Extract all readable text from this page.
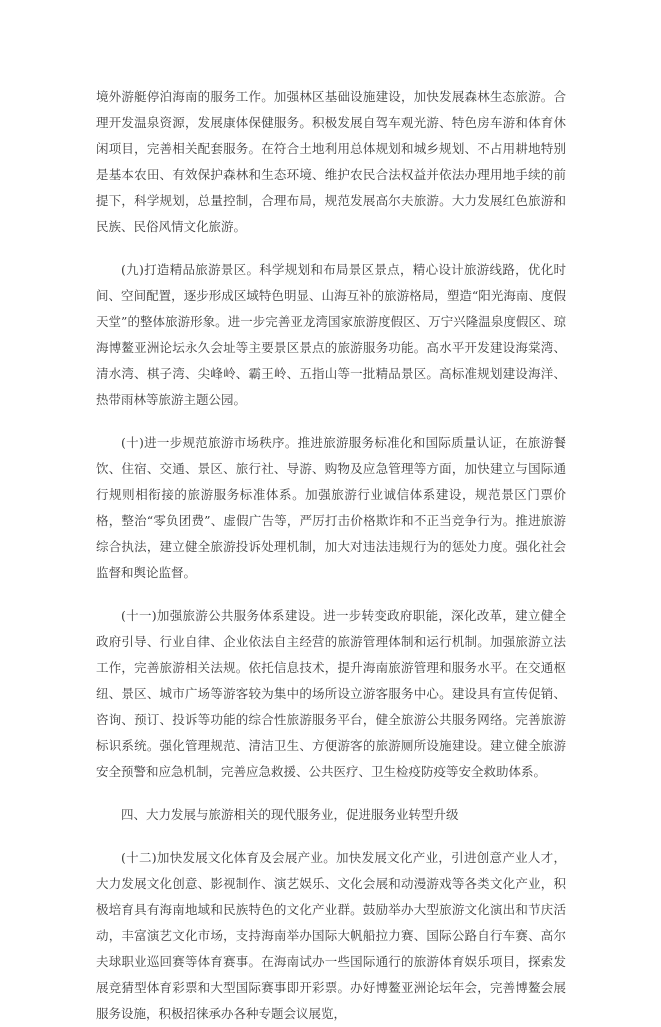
境外游艇停泊海南的服务工作。加强林区基础设施建设，加快发展森林生态旅游。合理开发温泉资源，发展康体保健服务。积极发展自驾车观光游、特色房车游和体育休闲项目，完善相关配套服务。在符合土地利用总体规划和城乡规划、不占用耕地特别是基本农田、有效保护森林和生态环境、维护农民合法权益并依法办理用地手续的前提下，科学规划，总量控制，合理布局，规范发展高尔夫旅游。大力发展红色旅游和民族、民俗风情文化旅游。

(九)打造精品旅游景区。科学规划和布局景区景点，精心设计旅游线路，优化时间、空间配置，逐步形成区域特色明显、山海互补的旅游格局，塑造“阳光海南、度假天堂”的整体旅游形象。进一步完善亚龙湾国家旅游度假区、万宁兴隆温泉度假区、琼海博鳌亚洲论坛永久会址等主要景区景点的旅游服务功能。高水平开发建设海棠湾、清水湾、棋子湾、尖峰岭、霸王岭、五指山等一批精品景区。高标准规划建设海洋、热带雨林等旅游主题公园。

(十)进一步规范旅游市场秩序。推进旅游服务标准化和国际质量认证，在旅游餐饮、住宿、交通、景区、旅行社、导游、购物及应急管理等方面，加快建立与国际通行规则相衔接的旅游服务标准体系。加强旅游行业诚信体系建设，规范景区门票价格，整治“零负团费”、虚假广告等，严厉打击价格欺诈和不正当竞争行为。推进旅游综合执法，建立健全旅游投诉处理机制，加大对违法违规行为的惩处力度。强化社会监督和舆论监督。

(十一)加强旅游公共服务体系建设。进一步转变政府职能，深化改革，建立健全政府引导、行业自律、企业依法自主经营的旅游管理体制和运行机制。加强旅游立法工作，完善旅游相关法规。依托信息技术，提升海南旅游管理和服务水平。在交通枢纽、景区、城市广场等游客较为集中的场所设立游客服务中心。建设具有宣传促销、咨询、预订、投诉等功能的综合性旅游服务平台，健全旅游公共服务网络。完善旅游标识系统。强化管理规范、清洁卫生、方便游客的旅游厕所设施建设。建立健全旅游安全预警和应急机制，完善应急救援、公共医疗、卫生检疫防疫等安全救助体系。

四、大力发展与旅游相关的现代服务业，促进服务业转型升级

(十二)加快发展文化体育及会展产业。加快发展文化产业，引进创意产业人才，大力发展文化创意、影视制作、演艺娱乐、文化会展和动漫游戏等各类文化产业，积极培育具有海南地域和民族特色的文化产业群。鼓励举办大型旅游文化演出和节庆活动，丰富演艺文化市场，支持海南举办国际大帆船拉力赛、国际公路自行车赛、高尔夫球职业巡回赛等体育赛事。在海南试办一些国际通行的旅游体育娱乐项目，探索发展竞猜型体育彩票和大型国际赛事即开彩票。办好博鳌亚洲论坛年会，完善博鳌会展服务设施，积极招徕承办各种专题会议展览，
